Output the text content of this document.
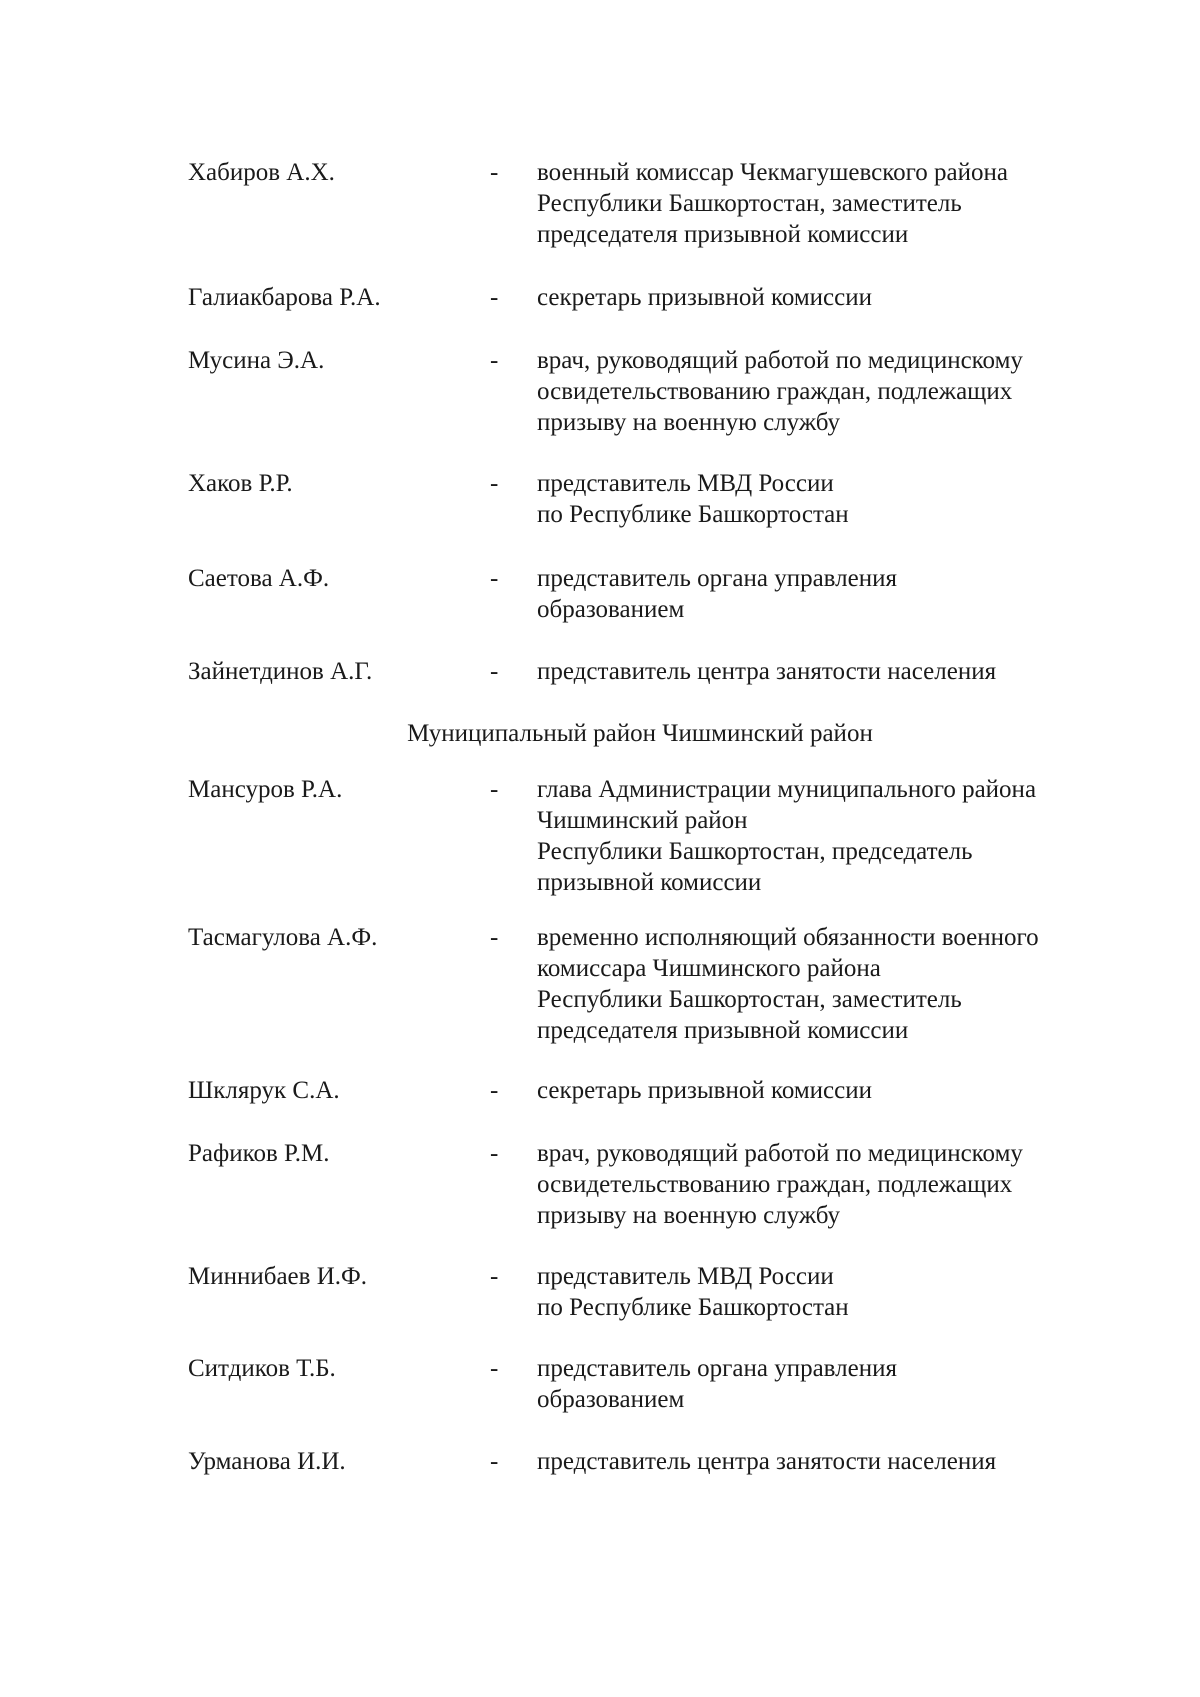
Хабиров А.Х.	-	военный комиссар Чекмагушевского района
Республики Башкортостан, заместитель
председателя призывной комиссии
Галиакбарова Р.А.	-	секретарь призывной комиссии
Мусина Э.А.	-	врач, руководящий работой по медицинскому
освидетельствованию граждан, подлежащих
призыву на военную службу
Хаков Р.Р.	-	представитель МВД России
по Республике Башкортостан
Саетова А.Ф.	-	представитель органа управления
образованием
Зайнетдинов А.Г.	-	представитель центра занятости населения
Муниципальный район Чишминский район
Мансуров Р.А.	-	глава Администрации муниципального района
Чишминский район
Республики Башкортостан, председатель
призывной комиссии
Тасмагулова А.Ф.	-	временно исполняющий обязанности военного
комиссара Чишминского района
Республики Башкортостан, заместитель
председателя призывной комиссии
Шклярук С.А.	-	секретарь призывной комиссии
Рафиков Р.М.	-	врач, руководящий работой по медицинскому
освидетельствованию граждан, подлежащих
призыву на военную службу
Миннибаев И.Ф.	-	представитель МВД России
по Республике Башкортостан
Ситдиков Т.Б.	-	представитель органа управления
образованием
Урманова И.И.	-	представитель центра занятости населения
